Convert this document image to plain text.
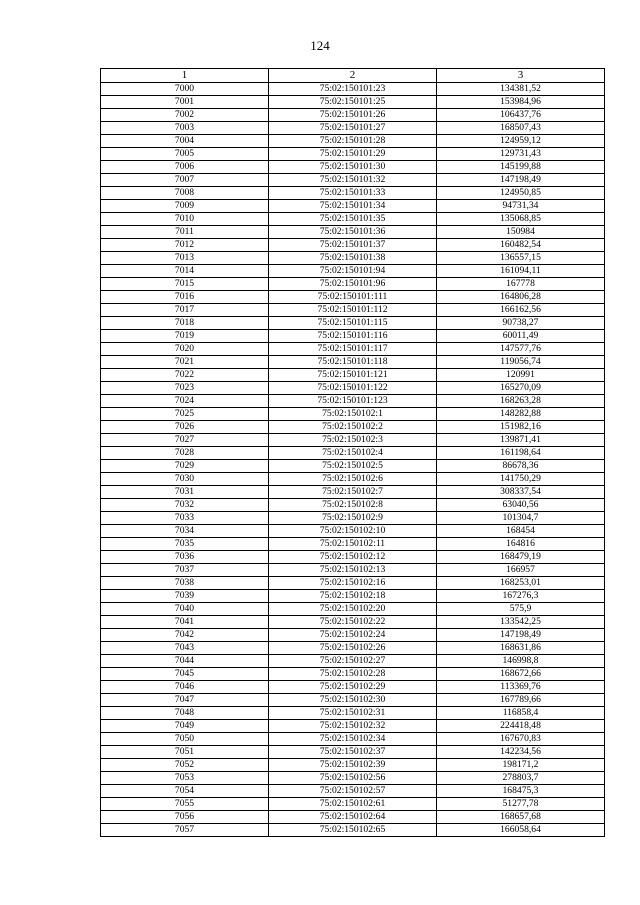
124
1	2	3
7000	75:02:150101:23	134381,52
7001	75:02:150101:25	153984,96
7002	75:02:150101:26	106437,76
7003	75:02:150101:27	168507,43
7004	75:02:150101:28	124959,12
7005	75:02:150101:29	129731,43
7006	75:02:150101:30	145199,88
7007	75:02:150101:32	147198,49
7008	75:02:150101:33	124950,85
7009	75:02:150101:34	94731,34
7010	75:02:150101:35	135068,85
7011	75:02:150101:36	150984
7012	75:02:150101:37	160482,54
7013	75:02:150101:38	136557,15
7014	75:02:150101:94	161094,11
7015	75:02:150101:96	167778
7016	75:02:150101:111	164806,28
7017	75:02:150101:112	166162,56
7018	75:02:150101:115	90738,27
7019	75:02:150101:116	60011,49
7020	75:02:150101:117	147577,76
7021	75:02:150101:118	119056,74
7022	75:02:150101:121	120991
7023	75:02:150101:122	165270,09
7024	75:02:150101:123	168263,28
7025	75:02:150102:1	148282,88
7026	75:02:150102:2	151982,16
7027	75:02:150102:3	139871,41
7028	75:02:150102:4	161198,64
7029	75:02:150102:5	86678,36
7030	75:02:150102:6	141750,29
7031	75:02:150102:7	308337,54
7032	75:02:150102:8	63040,56
7033	75:02:150102:9	101304,7
7034	75:02:150102:10	168454
7035	75:02:150102:11	164816
7036	75:02:150102:12	168479,19
7037	75:02:150102:13	166957
7038	75:02:150102:16	168253,01
7039	75:02:150102:18	167276,3
7040	75:02:150102:20	575,9
7041	75:02:150102:22	133542,25
7042	75:02:150102:24	147198,49
7043	75:02:150102:26	168631,86
7044	75:02:150102:27	146998,8
7045	75:02:150102:28	168672,66
7046	75:02:150102:29	113369,76
7047	75:02:150102:30	167789,66
7048	75:02:150102:31	116858,4
7049	75:02:150102:32	224418,48
7050	75:02:150102:34	167670,83
7051	75:02:150102:37	142234,56
7052	75:02:150102:39	198171,2
7053	75:02:150102:56	278803,7
7054	75:02:150102:57	168475,3
7055	75:02:150102:61	51277,78
7056	75:02:150102:64	168657,68
7057	75:02:150102:65	166058,64
